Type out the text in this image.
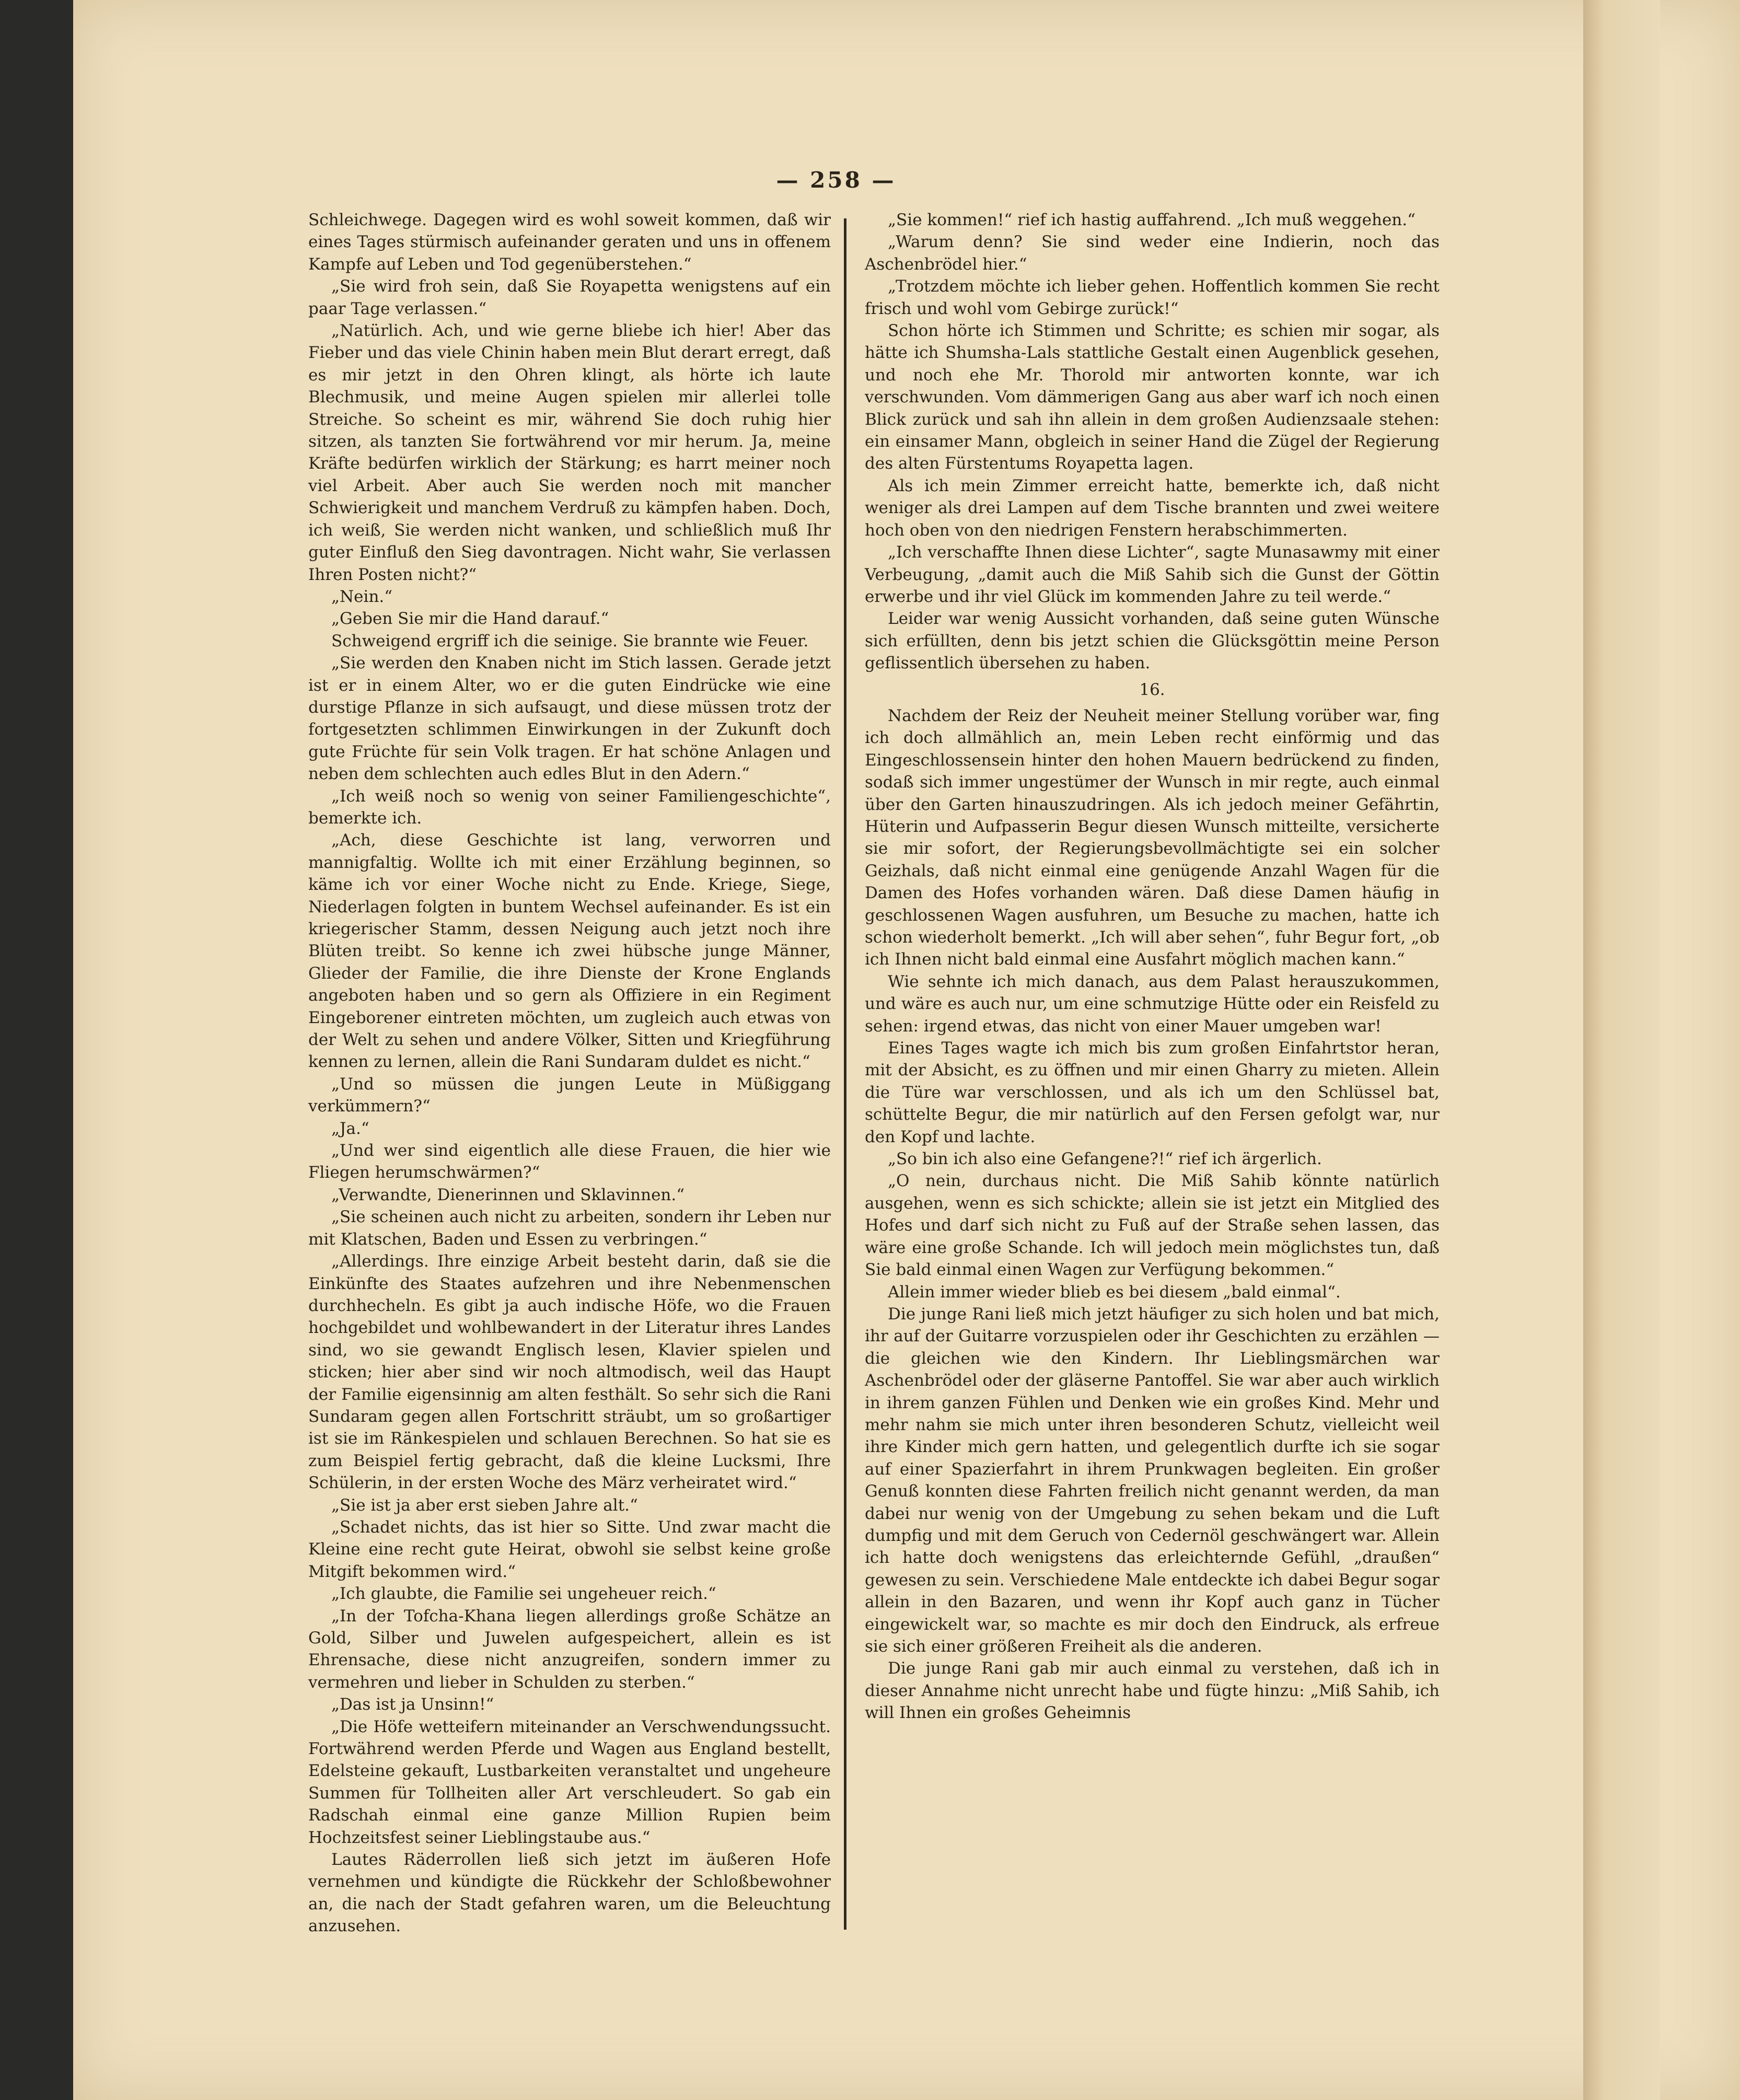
— 258 —

Schleichwege. Dagegen wird es wohl soweit kommen, daß wir eines Tages stürmisch aufeinander geraten und uns in offenem Kampfe auf Leben und Tod gegenüberstehen.“

„Sie wird froh sein, daß Sie Royapetta wenigstens auf ein paar Tage verlassen.“

„Natürlich. Ach, und wie gerne bliebe ich hier! Aber das Fieber und das viele Chinin haben mein Blut derart erregt, daß es mir jetzt in den Ohren klingt, als hörte ich laute Blechmusik, und meine Augen spielen mir allerlei tolle Streiche. So scheint es mir, während Sie doch ruhig hier sitzen, als tanzten Sie fortwährend vor mir herum. Ja, meine Kräfte bedürfen wirklich der Stärkung; es harrt meiner noch viel Arbeit. Aber auch Sie werden noch mit mancher Schwierigkeit und manchem Verdruß zu kämpfen haben. Doch, ich weiß, Sie werden nicht wanken, und schließlich muß Ihr guter Einfluß den Sieg davontragen. Nicht wahr, Sie verlassen Ihren Posten nicht?“

„Nein.“

„Geben Sie mir die Hand darauf.“

Schweigend ergriff ich die seinige. Sie brannte wie Feuer.

„Sie werden den Knaben nicht im Stich lassen. Gerade jetzt ist er in einem Alter, wo er die guten Eindrücke wie eine durstige Pflanze in sich aufsaugt, und diese müssen trotz der fortgesetzten schlimmen Einwirkungen in der Zukunft doch gute Früchte für sein Volk tragen. Er hat schöne Anlagen und neben dem schlechten auch edles Blut in den Adern.“

„Ich weiß noch so wenig von seiner Familiengeschichte“, bemerkte ich.

„Ach, diese Geschichte ist lang, verworren und mannigfaltig. Wollte ich mit einer Erzählung beginnen, so käme ich vor einer Woche nicht zu Ende. Kriege, Siege, Niederlagen folgten in buntem Wechsel aufeinander. Es ist ein kriegerischer Stamm, dessen Neigung auch jetzt noch ihre Blüten treibt. So kenne ich zwei hübsche junge Männer, Glieder der Familie, die ihre Dienste der Krone Englands angeboten haben und so gern als Offiziere in ein Regiment Eingeborener eintreten möchten, um zugleich auch etwas von der Welt zu sehen und andere Völker, Sitten und Kriegführung kennen zu lernen, allein die Rani Sundaram duldet es nicht.“

„Und so müssen die jungen Leute in Müßiggang verkümmern?“

„Ja.“

„Und wer sind eigentlich alle diese Frauen, die hier wie Fliegen herumschwärmen?“

„Verwandte, Dienerinnen und Sklavinnen.“

„Sie scheinen auch nicht zu arbeiten, sondern ihr Leben nur mit Klatschen, Baden und Essen zu verbringen.“

„Allerdings. Ihre einzige Arbeit besteht darin, daß sie die Einkünfte des Staates aufzehren und ihre Nebenmenschen durchhecheln. Es gibt ja auch indische Höfe, wo die Frauen hochgebildet und wohlbewandert in der Literatur ihres Landes sind, wo sie gewandt Englisch lesen, Klavier spielen und sticken; hier aber sind wir noch altmodisch, weil das Haupt der Familie eigensinnig am alten festhält. So sehr sich die Rani Sundaram gegen allen Fortschritt sträubt, um so großartiger ist sie im Ränkespielen und schlauen Berechnen. So hat sie es zum Beispiel fertig gebracht, daß die kleine Lucksmi, Ihre Schülerin, in der ersten Woche des März verheiratet wird.“

„Sie ist ja aber erst sieben Jahre alt.“

„Schadet nichts, das ist hier so Sitte. Und zwar macht die Kleine eine recht gute Heirat, obwohl sie selbst keine große Mitgift bekommen wird.“

„Ich glaubte, die Familie sei ungeheuer reich.“

„In der Tofcha-Khana liegen allerdings große Schätze an Gold, Silber und Juwelen aufgespeichert, allein es ist Ehrensache, diese nicht anzugreifen, sondern immer zu vermehren und lieber in Schulden zu sterben.“

„Das ist ja Unsinn!“

„Die Höfe wetteifern miteinander an Verschwendungssucht. Fortwährend werden Pferde und Wagen aus England bestellt, Edelsteine gekauft, Lustbarkeiten veranstaltet und ungeheure Summen für Tollheiten aller Art verschleudert. So gab ein Radschah einmal eine ganze Million Rupien beim Hochzeitsfest seiner Lieblingstaube aus.“

Lautes Räderrollen ließ sich jetzt im äußeren Hofe vernehmen und kündigte die Rückkehr der Schloßbewohner an, die nach der Stadt gefahren waren, um die Beleuchtung anzusehen.

„Sie kommen!“ rief ich hastig auffahrend. „Ich muß weggehen.“

„Warum denn? Sie sind weder eine Indierin, noch das Aschenbrödel hier.“

„Trotzdem möchte ich lieber gehen. Hoffentlich kommen Sie recht frisch und wohl vom Gebirge zurück!“

Schon hörte ich Stimmen und Schritte; es schien mir sogar, als hätte ich Shumsha-Lals stattliche Gestalt einen Augenblick gesehen, und noch ehe Mr. Thorold mir antworten konnte, war ich verschwunden. Vom dämmerigen Gang aus aber warf ich noch einen Blick zurück und sah ihn allein in dem großen Audienzsaale stehen: ein einsamer Mann, obgleich in seiner Hand die Zügel der Regierung des alten Fürstentums Royapetta lagen.

Als ich mein Zimmer erreicht hatte, bemerkte ich, daß nicht weniger als drei Lampen auf dem Tische brannten und zwei weitere hoch oben von den niedrigen Fenstern herabschimmerten.

„Ich verschaffte Ihnen diese Lichter“, sagte Munasawmy mit einer Verbeugung, „damit auch die Miß Sahib sich die Gunst der Göttin erwerbe und ihr viel Glück im kommenden Jahre zu teil werde.“

Leider war wenig Aussicht vorhanden, daß seine guten Wünsche sich erfüllten, denn bis jetzt schien die Glücksgöttin meine Person geflissentlich übersehen zu haben.

16.

Nachdem der Reiz der Neuheit meiner Stellung vorüber war, fing ich doch allmählich an, mein Leben recht einförmig und das Eingeschlossensein hinter den hohen Mauern bedrückend zu finden, sodaß sich immer ungestümer der Wunsch in mir regte, auch einmal über den Garten hinauszudringen. Als ich jedoch meiner Gefährtin, Hüterin und Aufpasserin Begur diesen Wunsch mitteilte, versicherte sie mir sofort, der Regierungsbevollmächtigte sei ein solcher Geizhals, daß nicht einmal eine genügende Anzahl Wagen für die Damen des Hofes vorhanden wären. Daß diese Damen häufig in geschlossenen Wagen ausfuhren, um Besuche zu machen, hatte ich schon wiederholt bemerkt. „Ich will aber sehen“, fuhr Begur fort, „ob ich Ihnen nicht bald einmal eine Ausfahrt möglich machen kann.“

Wie sehnte ich mich danach, aus dem Palast herauszukommen, und wäre es auch nur, um eine schmutzige Hütte oder ein Reisfeld zu sehen: irgend etwas, das nicht von einer Mauer umgeben war!

Eines Tages wagte ich mich bis zum großen Einfahrtstor heran, mit der Absicht, es zu öffnen und mir einen Gharry zu mieten. Allein die Türe war verschlossen, und als ich um den Schlüssel bat, schüttelte Begur, die mir natürlich auf den Fersen gefolgt war, nur den Kopf und lachte.

„So bin ich also eine Gefangene?!“ rief ich ärgerlich.

„O nein, durchaus nicht. Die Miß Sahib könnte natürlich ausgehen, wenn es sich schickte; allein sie ist jetzt ein Mitglied des Hofes und darf sich nicht zu Fuß auf der Straße sehen lassen, das wäre eine große Schande. Ich will jedoch mein möglichstes tun, daß Sie bald einmal einen Wagen zur Verfügung bekommen.“

Allein immer wieder blieb es bei diesem „bald einmal“.

Die junge Rani ließ mich jetzt häufiger zu sich holen und bat mich, ihr auf der Guitarre vorzuspielen oder ihr Geschichten zu erzählen — die gleichen wie den Kindern. Ihr Lieblingsmärchen war Aschenbrödel oder der gläserne Pantoffel. Sie war aber auch wirklich in ihrem ganzen Fühlen und Denken wie ein großes Kind. Mehr und mehr nahm sie mich unter ihren besonderen Schutz, vielleicht weil ihre Kinder mich gern hatten, und gelegentlich durfte ich sie sogar auf einer Spazierfahrt in ihrem Prunkwagen begleiten. Ein großer Genuß konnten diese Fahrten freilich nicht genannt werden, da man dabei nur wenig von der Umgebung zu sehen bekam und die Luft dumpfig und mit dem Geruch von Cedernöl geschwängert war. Allein ich hatte doch wenigstens das erleichternde Gefühl, „draußen“ gewesen zu sein. Verschiedene Male entdeckte ich dabei Begur sogar allein in den Bazaren, und wenn ihr Kopf auch ganz in Tücher eingewickelt war, so machte es mir doch den Eindruck, als erfreue sie sich einer größeren Freiheit als die anderen.

Die junge Rani gab mir auch einmal zu verstehen, daß ich in dieser Annahme nicht unrecht habe und fügte hinzu: „Miß Sahib, ich will Ihnen ein großes Geheimnis
